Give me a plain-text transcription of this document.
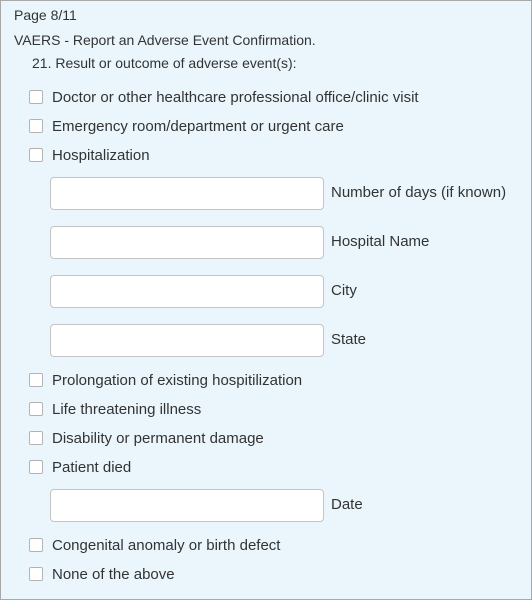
Page 8/11
VAERS - Report an Adverse Event Confirmation.
21. Result or outcome of adverse event(s):
Doctor or other healthcare professional office/clinic visit
Emergency room/department or urgent care
Hospitalization
Number of days (if known)
Hospital Name
City
State
Prolongation of existing hospitilization
Life threatening illness
Disability or permanent damage
Patient died
Date
Congenital anomaly or birth defect
None of the above
